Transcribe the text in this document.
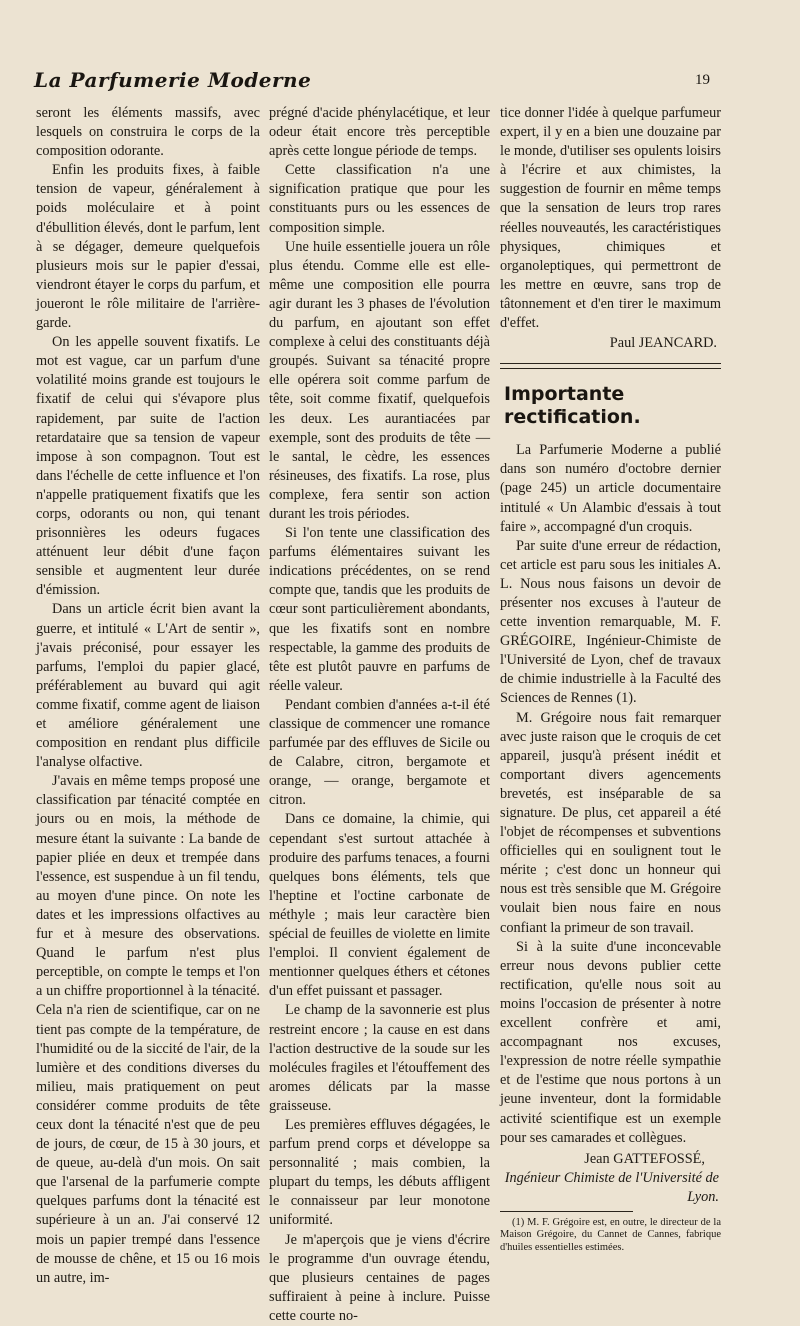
La Parfumerie Moderne	19

seront les éléments massifs, avec lesquels on construira le corps de la composition odorante.

Enfin les produits fixes, à faible tension de vapeur, généralement à poids moléculaire et à point d'ébullition élevés, dont le parfum, lent à se dégager, demeure quelquefois plusieurs mois sur le papier d'essai, viendront étayer le corps du parfum, et joueront le rôle militaire de l'arrière-garde.

On les appelle souvent fixatifs. Le mot est vague, car un parfum d'une volatilité moins grande est toujours le fixatif de celui qui s'évapore plus rapidement, par suite de l'action retardataire que sa tension de vapeur impose à son compagnon. Tout est dans l'échelle de cette influence et l'on n'appelle pratiquement fixatifs que les corps, odorants ou non, qui tenant prisonnières les odeurs fugaces atténuent leur débit d'une façon sensible et augmentent leur durée d'émission.

Dans un article écrit bien avant la guerre, et intitulé « L'Art de sentir », j'avais préconisé, pour essayer les parfums, l'emploi du papier glacé, préférablement au buvard qui agit comme fixatif, comme agent de liaison et améliore généralement une composition en rendant plus difficile l'analyse olfactive.

J'avais en même temps proposé une classification par ténacité comptée en jours ou en mois, la méthode de mesure étant la suivante : La bande de papier pliée en deux et trempée dans l'essence, est suspendue à un fil tendu, au moyen d'une pince. On note les dates et les impressions olfactives au fur et à mesure des observations. Quand le parfum n'est plus perceptible, on compte le temps et l'on a un chiffre proportionnel à la ténacité. Cela n'a rien de scientifique, car on ne tient pas compte de la température, de l'humidité ou de la siccité de l'air, de la lumière et des conditions diverses du milieu, mais pratiquement on peut considérer comme produits de tête ceux dont la ténacité n'est que de peu de jours, de cœur, de 15 à 30 jours, et de queue, au-delà d'un mois. On sait que l'arsenal de la parfumerie compte quelques parfums dont la ténacité est supérieure à un an. J'ai conservé 12 mois un papier trempé dans l'essence de mousse de chêne, et 15 ou 16 mois un autre, im-

prégné d'acide phénylacétique, et leur odeur était encore très perceptible après cette longue période de temps.

Cette classification n'a une signification pratique que pour les constituants purs ou les essences de composition simple.

Une huile essentielle jouera un rôle plus étendu. Comme elle est elle-même une composition elle pourra agir durant les 3 phases de l'évolution du parfum, en ajoutant son effet complexe à celui des constituants déjà groupés. Suivant sa ténacité propre elle opérera soit comme parfum de tête, soit comme fixatif, quelquefois les deux. Les aurantiacées par exemple, sont des produits de tête — le santal, le cèdre, les essences résineuses, des fixatifs. La rose, plus complexe, fera sentir son action durant les trois périodes.

Si l'on tente une classification des parfums élémentaires suivant les indications précédentes, on se rend compte que, tandis que les produits de cœur sont particulièrement abondants, que les fixatifs sont en nombre respectable, la gamme des produits de tête est plutôt pauvre en parfums de réelle valeur.

Pendant combien d'années a-t-il été classique de commencer une romance parfumée par des effluves de Sicile ou de Calabre, citron, bergamote et orange, — orange, bergamote et citron.

Dans ce domaine, la chimie, qui cependant s'est surtout attachée à produire des parfums tenaces, a fourni quelques bons éléments, tels que l'heptine et l'octine carbonate de méthyle ; mais leur caractère bien spécial de feuilles de violette en limite l'emploi. Il convient également de mentionner quelques éthers et cétones d'un effet puissant et passager.

Le champ de la savonnerie est plus restreint encore ; la cause en est dans l'action destructive de la soude sur les molécules fragiles et l'étouffement des aromes délicats par la masse graisseuse.

Les premières effluves dégagées, le parfum prend corps et développe sa personnalité ; mais combien, la plupart du temps, les débuts affligent le connaisseur par leur monotone uniformité.

Je m'aperçois que je viens d'écrire le programme d'un ouvrage étendu, que plusieurs centaines de pages suffiraient à peine à inclure. Puisse cette courte no-

tice donner l'idée à quelque parfumeur expert, il y en a bien une douzaine par le monde, d'utiliser ses opulents loisirs à l'écrire et aux chimistes, la suggestion de fournir en même temps que la sensation de leurs trop rares réelles nouveautés, les caractéristiques physiques, chimiques et organoleptiques, qui permettront de les mettre en œuvre, sans trop de tâtonnement et d'en tirer le maximum d'effet.

Paul JEANCARD.
Importante rectification.

La Parfumerie Moderne a publié dans son numéro d'octobre dernier (page 245) un article documentaire intitulé « Un Alambic d'essais à tout faire », accompagné d'un croquis.

Par suite d'une erreur de rédaction, cet article est paru sous les initiales A. L. Nous nous faisons un devoir de présenter nos excuses à l'auteur de cette invention remarquable, M. F. GRÉGOIRE, Ingénieur-Chimiste de l'Université de Lyon, chef de travaux de chimie industrielle à la Faculté des Sciences de Rennes (1).

M. Grégoire nous fait remarquer avec juste raison que le croquis de cet appareil, jusqu'à présent inédit et comportant divers agencements brevetés, est inséparable de sa signature. De plus, cet appareil a été l'objet de récompenses et subventions officielles qui en soulignent tout le mérite ; c'est donc un honneur qui nous est très sensible que M. Grégoire voulait bien nous faire en nous confiant la primeur de son travail.

Si à la suite d'une inconcevable erreur nous devons publier cette rectification, qu'elle nous soit au moins l'occasion de présenter à notre excellent confrère et ami, accompagnant nos excuses, l'expression de notre réelle sympathie et de l'estime que nous portons à un jeune inventeur, dont la formidable activité scientifique est un exemple pour ses camarades et collègues.

Jean GATTEFOSSÉ,
Ingénieur Chimiste de l'Université de Lyon.
(1) M. F. Grégoire est, en outre, le directeur de la Maison Grégoire, du Cannet de Cannes, fabrique d'huiles essentielles estimées.
